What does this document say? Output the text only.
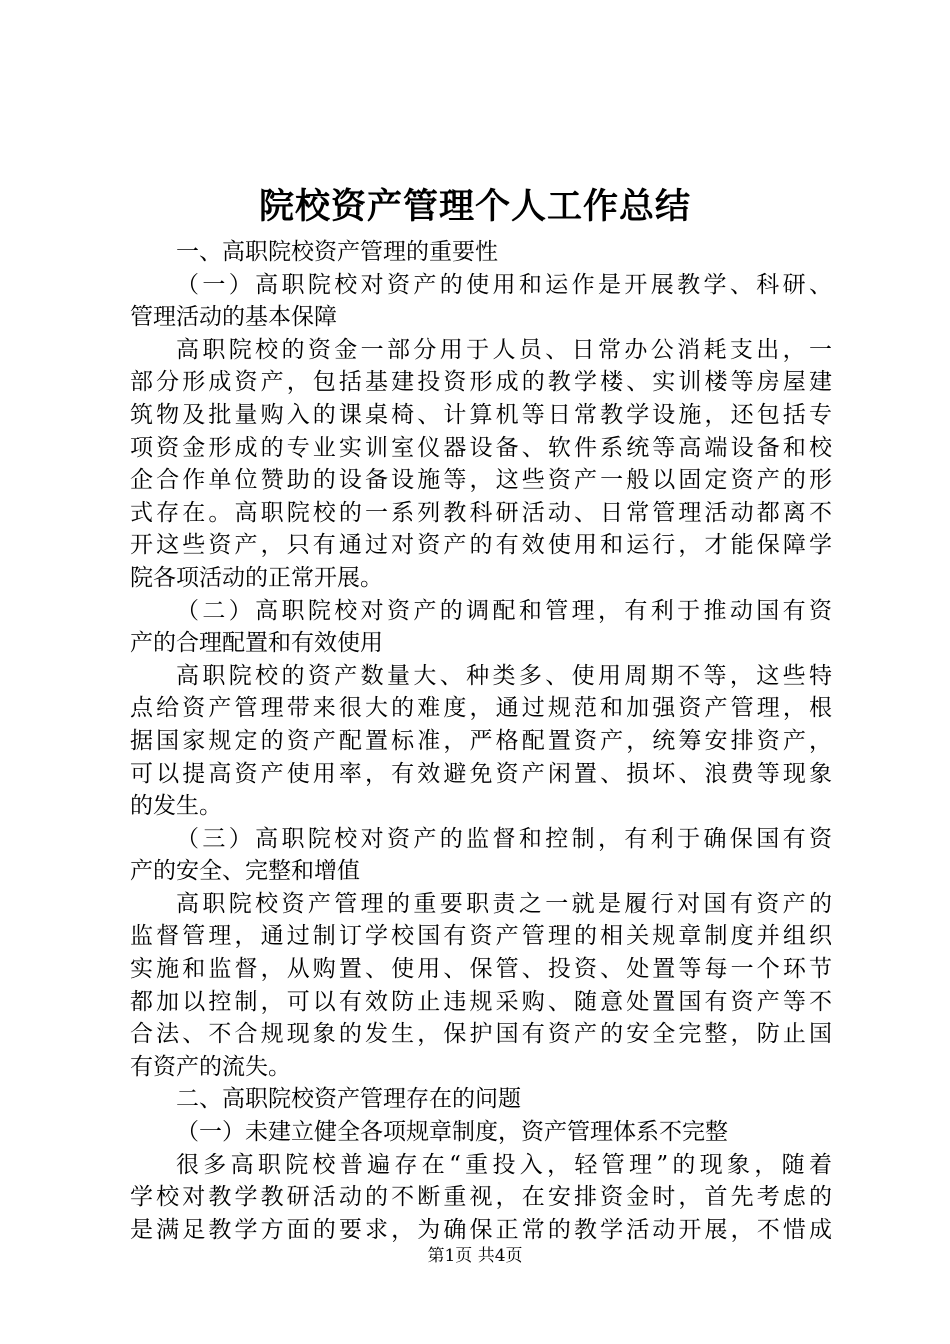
院校资产管理个人工作总结
一、高职院校资产管理的重要性
（一）高职院校对资产的使用和运作是开展教学、科研、
管理活动的基本保障
高职院校的资金一部分用于人员、日常办公消耗支出，一
部分形成资产，包括基建投资形成的教学楼、实训楼等房屋建
筑物及批量购入的课桌椅、计算机等日常教学设施，还包括专
项资金形成的专业实训室仪器设备、软件系统等高端设备和校
企合作单位赞助的设备设施等，这些资产一般以固定资产的形
式存在。高职院校的一系列教科研活动、日常管理活动都离不
开这些资产，只有通过对资产的有效使用和运行，才能保障学
院各项活动的正常开展。
（二）高职院校对资产的调配和管理，有利于推动国有资
产的合理配置和有效使用
高职院校的资产数量大、种类多、使用周期不等，这些特
点给资产管理带来很大的难度，通过规范和加强资产管理，根
据国家规定的资产配置标准，严格配置资产，统筹安排资产，
可以提高资产使用率，有效避免资产闲置、损坏、浪费等现象
的发生。
（三）高职院校对资产的监督和控制，有利于确保国有资
产的安全、完整和增值
高职院校资产管理的重要职责之一就是履行对国有资产的
监督管理，通过制订学校国有资产管理的相关规章制度并组织
实施和监督，从购置、使用、保管、投资、处置等每一个环节
都加以控制，可以有效防止违规采购、随意处置国有资产等不
合法、不合规现象的发生，保护国有资产的安全完整，防止国
有资产的流失。
二、高职院校资产管理存在的问题
（一）未建立健全各项规章制度，资产管理体系不完整
很多高职院校普遍存在“重投入，轻管理”的现象，随着
学校对教学教研活动的不断重视，在安排资金时，首先考虑的
是满足教学方面的要求，为确保正常的教学活动开展，不惜成
第1页 共4页
